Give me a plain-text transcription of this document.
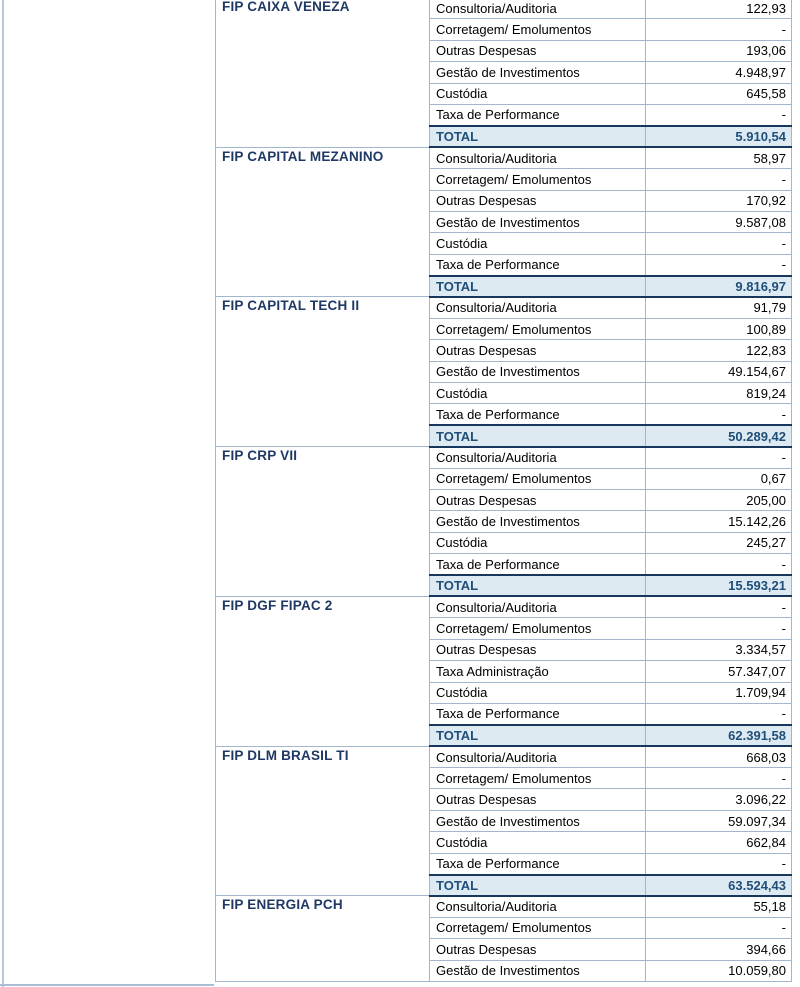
FIP CAIXA VENEZA	Consultoria/Auditoria	122,93
	Corretagem/ Emolumentos	-
	Outras Despesas	193,06
	Gestão de Investimentos	4.948,97
	Custódia	645,58
	Taxa de Performance	-
	TOTAL	5.910,54
FIP CAPITAL MEZANINO	Consultoria/Auditoria	58,97
	Corretagem/ Emolumentos	-
	Outras Despesas	170,92
	Gestão de Investimentos	9.587,08
	Custódia	-
	Taxa de Performance	-
	TOTAL	9.816,97
FIP CAPITAL TECH II	Consultoria/Auditoria	91,79
	Corretagem/ Emolumentos	100,89
	Outras Despesas	122,83
	Gestão de Investimentos	49.154,67
	Custódia	819,24
	Taxa de Performance	-
	TOTAL	50.289,42
FIP CRP VII	Consultoria/Auditoria	-
	Corretagem/ Emolumentos	0,67
	Outras Despesas	205,00
	Gestão de Investimentos	15.142,26
	Custódia	245,27
	Taxa de Performance	-
	TOTAL	15.593,21
FIP DGF FIPAC 2	Consultoria/Auditoria	-
	Corretagem/ Emolumentos	-
	Outras Despesas	3.334,57
	Taxa Administração	57.347,07
	Custódia	1.709,94
	Taxa de Performance	-
	TOTAL	62.391,58
FIP DLM BRASIL TI	Consultoria/Auditoria	668,03
	Corretagem/ Emolumentos	-
	Outras Despesas	3.096,22
	Gestão de Investimentos	59.097,34
	Custódia	662,84
	Taxa de Performance	-
	TOTAL	63.524,43
FIP ENERGIA PCH	Consultoria/Auditoria	55,18
	Corretagem/ Emolumentos	-
	Outras Despesas	394,66
	Gestão de Investimentos	10.059,80
